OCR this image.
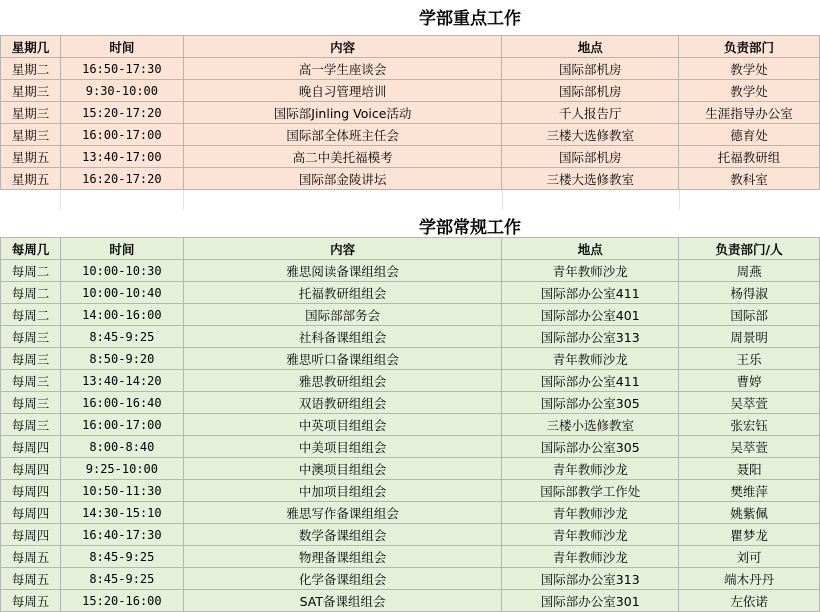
学部重点工作
星期几	时间	内容	地点	负责部门
星期二	16:50-17:30	高一学生座谈会	国际部机房	教学处
星期三	9:30-10:00	晚自习管理培训	国际部机房	教学处
星期三	15:20-17:20	国际部Jinling Voice活动	千人报告厅	生涯指导办公室
星期三	16:00-17:00	国际部全体班主任会	三楼大选修教室	德育处
星期五	13:40-17:00	高二中美托福模考	国际部机房	托福教研组
星期五	16:20-17:20	国际部金陵讲坛	三楼大选修教室	教科室
学部常规工作
每周几	时间	内容	地点	负责部门/人
每周二	10:00-10:30	雅思阅读备课组组会	青年教师沙龙	周燕
每周二	10:00-10:40	托福教研组组会	国际部办公室411	杨得淑
每周二	14:00-16:00	国际部部务会	国际部办公室401	国际部
每周三	8:45-9:25	社科备课组组会	国际部办公室313	周景明
每周三	8:50-9:20	雅思听口备课组组会	青年教师沙龙	王乐
每周三	13:40-14:20	雅思教研组组会	国际部办公室411	曹婷
每周三	16:00-16:40	双语教研组组会	国际部办公室305	吴萃萱
每周三	16:00-17:00	中英项目组组会	三楼小选修教室	张宏钰
每周四	8:00-8:40	中美项目组组会	国际部办公室305	吴萃萱
每周四	9:25-10:00	中澳项目组组会	青年教师沙龙	聂阳
每周四	10:50-11:30	中加项目组组会	国际部教学工作处	樊维萍
每周四	14:30-15:10	雅思写作备课组组会	青年教师沙龙	姚紫佩
每周四	16:40-17:30	数学备课组组会	青年教师沙龙	瞿梦龙
每周五	8:45-9:25	物理备课组组会	青年教师沙龙	刘可
每周五	8:45-9:25	化学备课组组会	国际部办公室313	端木丹丹
每周五	15:20-16:00	SAT备课组组会	国际部办公室301	左依诺
